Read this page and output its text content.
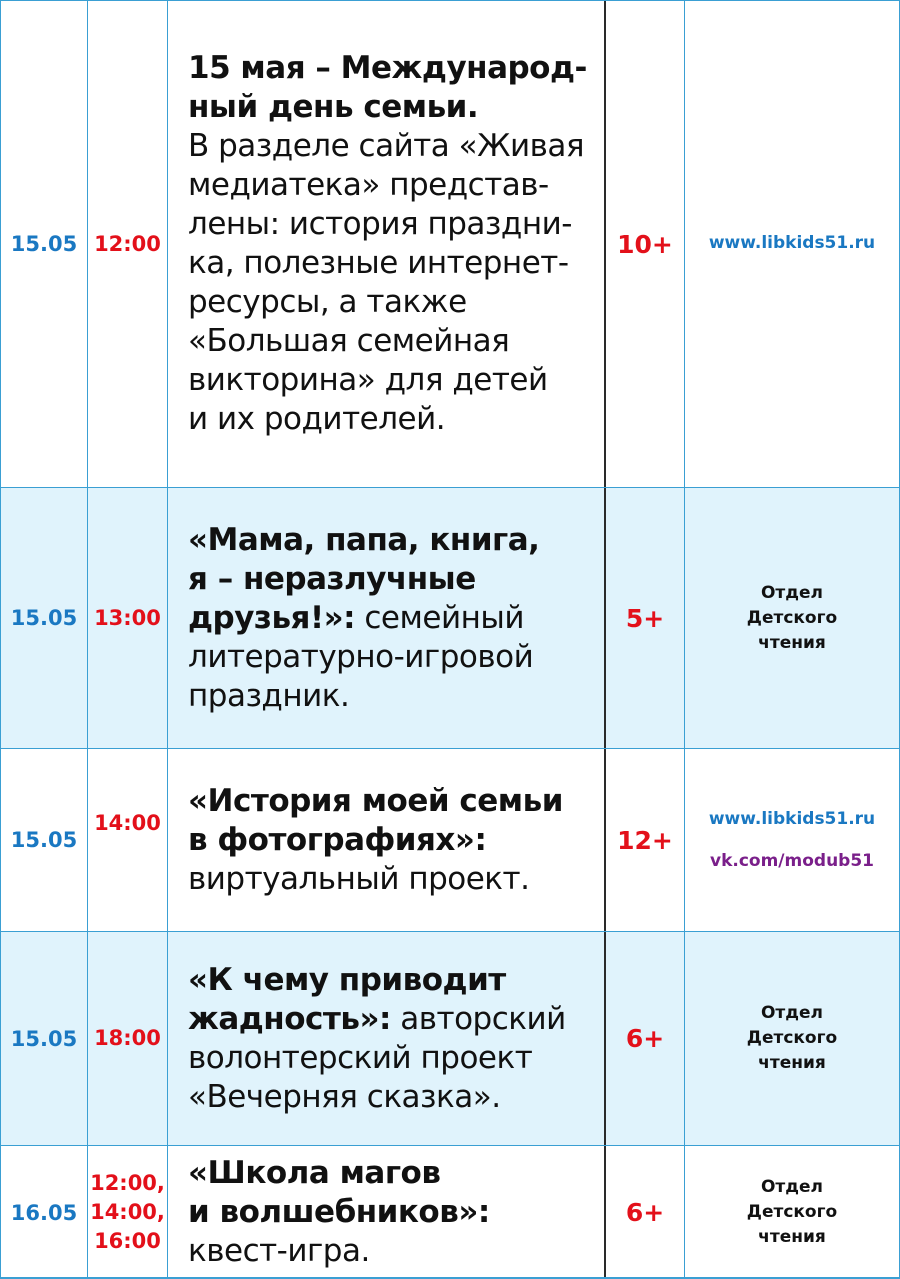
15.05 12:00
15 мая – Международ-
ный день семьи.
В разделе сайта «Живая
медиатека» представ-
лены: история праздни-
ка, полезные интернет-
ресурсы, а также
«Большая семейная
викторина» для детей
и их родителей.
10+ www.libkids51.ru
15.05 13:00
«Мама, папа, книга,
я – неразлучные
друзья!»: семейный
литературно-игровой
праздник.
5+
Отдел
Детского
чтения
15.05
14:00
«История моей семьи
в фотографиях»:
виртуальный проект.
12+
www.libkids51.ru
vk.com/modub51
15.05 18:00
«К чему приводит
жадность»: авторский
волонтерский проект
«Вечерняя сказка».
6+
Отдел
Детского
чтения
16.05
12:00,
14:00,
16:00
«Школа магов
и волшебников»:
квест-игра.
6+
Отдел
Детского
чтения
